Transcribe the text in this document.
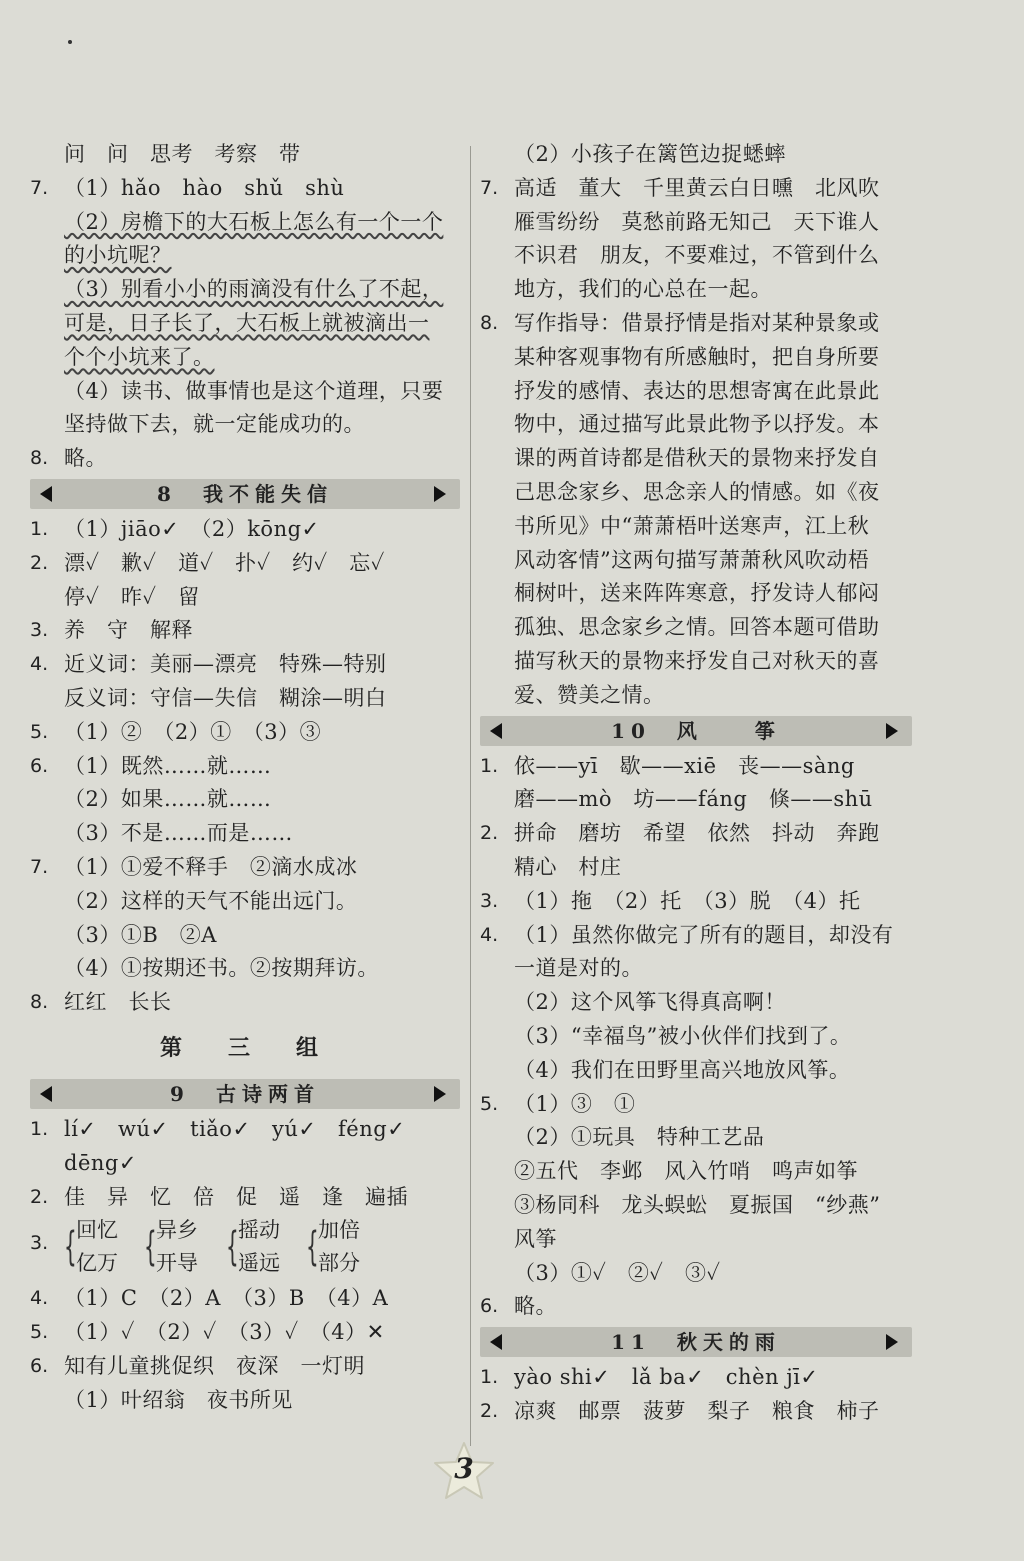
问　问　思考　考察　带
7. （1）hǎo　hào　shǔ　shù
（2）房檐下的大石板上怎么有一个一个
的小坑呢？
（3）别看小小的雨滴没有什么了不起，
可是，日子长了，大石板上就被滴出一
个个小坑来了。
（4）读书、做事情也是这个道理，只要
坚持做下去，就一定能成功的。
8. 略。
8　我不能失信
1. （1）jiāo✓　（2）kōng✓
2. 漂✓　歉✓　道✓　扑✓　约✓　忘✓
停✓　昨✓　留
3. 养　守　解释
4. 近义词：美丽—漂亮　特殊—特别
反义词：守信—失信　糊涂—明白
5. （1）②　（2）①　（3）③
6. （1）既然……就……
（2）如果……就……
（3）不是……而是……
7. （1）①爱不释手　②滴水成冰
（2）这样的天气不能出远门。
（3）①B　②A
（4）①按期还书。②按期拜访。
8. 红红　长长
第　三　组
9　古诗两首
1. lí✓　wú✓　tiǎo✓　yú✓　féng✓
dēng✓
2. 佳　异　忆　倍　促　遥　逢　遍插
3. { 回忆
亿万 { 异乡
开导 { 摇动
遥远 { 加倍
部分
4. （1）C　（2）A　（3）B　（4）A
5. （1）✓　（2）✓　（3）✓　（4）✕
6. 知有儿童挑促织　夜深　一灯明
（1）叶绍翁　夜书所见
（2）小孩子在篱笆边捉蟋蟀
7. 高适　董大　千里黄云白日曛　北风吹
雁雪纷纷　莫愁前路无知己　天下谁人
不识君　朋友，不要难过，不管到什么
地方，我们的心总在一起。
8. 写作指导：借景抒情是指对某种景象或
某种客观事物有所感触时，把自身所要
抒发的感情、表达的思想寄寓在此景此
物中，通过描写此景此物予以抒发。本
课的两首诗都是借秋天的景物来抒发自
己思念家乡、思念亲人的情感。如《夜
书所见》中“萧萧梧叶送寒声，江上秋
风动客情”这两句描写萧萧秋风吹动梧
桐树叶，送来阵阵寒意，抒发诗人郁闷
孤独、思念家乡之情。回答本题可借助
描写秋天的景物来抒发自己对秋天的喜
爱、赞美之情。
10　风　　筝
1. 依——yī　歇——xiē　丧——sàng
磨——mò　坊——fáng　倏——shū
2. 拼命　磨坊　希望　依然　抖动　奔跑
精心　村庄
3. （1）拖　（2）托　（3）脱　（4）托
4. （1）虽然你做完了所有的题目，却没有
一道是对的。
（2）这个风筝飞得真高啊！
（3）“幸福鸟”被小伙伴们找到了。
（4）我们在田野里高兴地放风筝。
5. （1）③　①
（2）①玩具　特种工艺品
②五代　李邺　风入竹哨　鸣声如筝
③杨同科　龙头蜈蚣　夏振国　“纱燕”
风筝
（3）①✓　②✓　③✓
6. 略。
11　秋天的雨
1. yào shi✓　lǎ ba✓　chèn jī✓
2. 凉爽　邮票　菠萝　梨子　粮食　柿子
3
